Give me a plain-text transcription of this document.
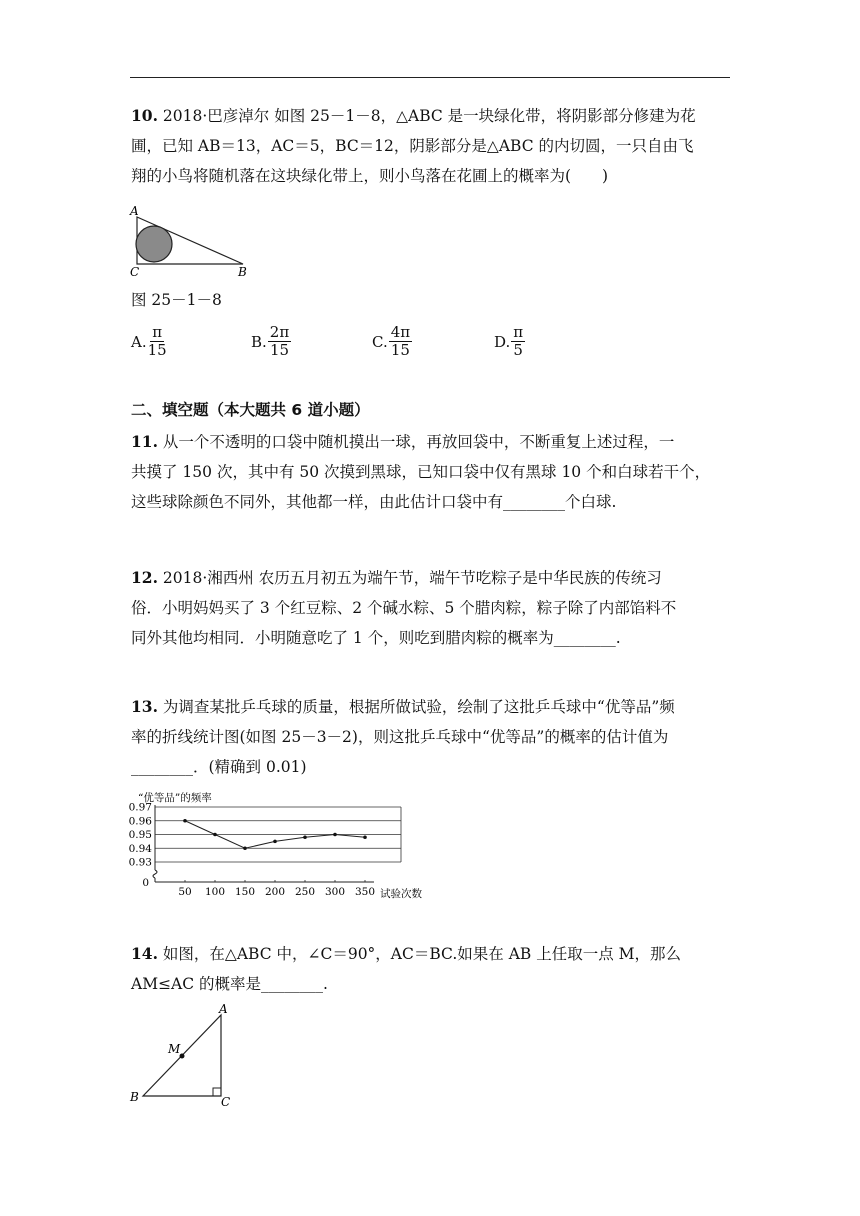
10. 2018·巴彦淖尔 如图 25－1－8，△ABC 是一块绿化带，将阴影部分修建为花

圃，已知 AB＝13，AC＝5，BC＝12，阴影部分是△ABC 的内切圆，一只自由飞

翔的小鸟将随机落在这块绿化带上，则小鸟落在花圃上的概率为(　　)

A
C	B
图 25－1－8
A. $\frac{\pi}{15}$	B. $\frac{2\pi}{15}$	C. $\frac{4\pi}{15}$	D. $\frac{\pi}{5}$
二、填空题（本大题共 6 道小题）

11. 从一个不透明的口袋中随机摸出一球，再放回袋中，不断重复上述过程，一

共摸了 150 次，其中有 50 次摸到黑球，已知口袋中仅有黑球 10 个和白球若干个，

这些球除颜色不同外，其他都一样，由此估计口袋中有________个白球.

12. 2018·湘西州 农历五月初五为端午节，端午节吃粽子是中华民族的传统习

俗．小明妈妈买了 3 个红豆粽、2 个碱水粽、5 个腊肉粽，粽子除了内部馅料不

同外其他均相同．小明随意吃了 1 个，则吃到腊肉粽的概率为________.

13. 为调查某批乒乓球的质量，根据所做试验，绘制了这批乒乓球中“优等品”频

率的折线统计图(如图 25－3－2)，则这批乒乓球中“优等品”的概率的估计值为

________．(精确到 0.01)

0.97
0.96
0.95
0.94
0.93
0
50 100 150 200 250 300 350
“优等品”的频率
试验次数

14. 如图，在△ABC 中，∠C＝90°，AC＝BC.如果在 AB 上任取一点 M，那么

AM≤AC 的概率是________.

A
M
B	C
